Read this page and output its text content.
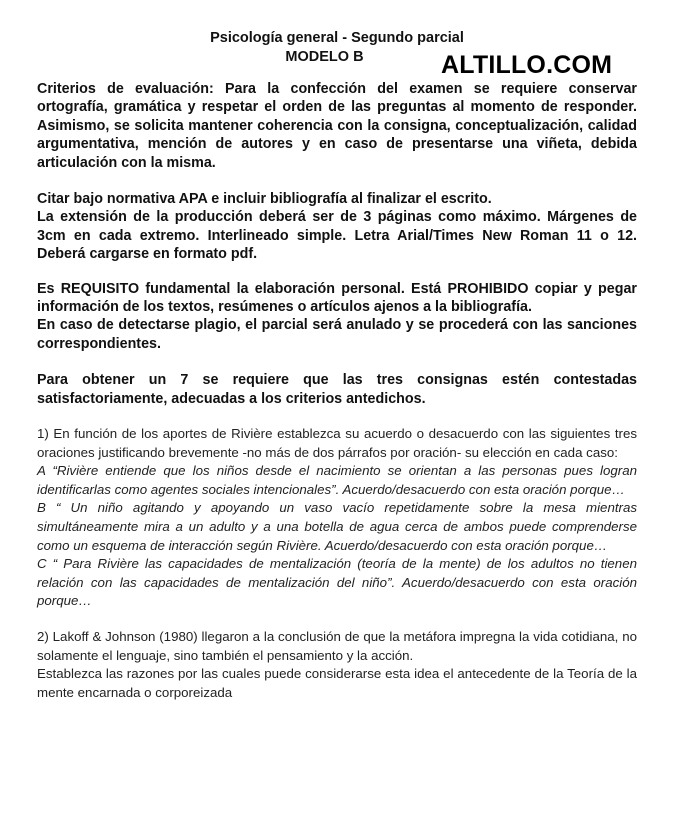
Psicología general - Segundo parcial
MODELO B	ALTILLO.COM

Criterios de evaluación: Para la confección del examen se requiere conservar ortografía, gramática y respetar el orden de las preguntas al momento de responder. Asimismo, se solicita mantener coherencia con la consigna, conceptualización, calidad argumentativa, mención de autores y en caso de presentarse una viñeta, debida articulación con la misma.

Citar bajo normativa APA e incluir bibliografía al finalizar el escrito.

La extensión de la producción deberá ser de 3 páginas como máximo. Márgenes de 3cm en cada extremo. Interlineado simple. Letra Arial/Times New Roman 11 o 12. Deberá cargarse en formato pdf.

Es REQUISITO fundamental la elaboración personal. Está PROHIBIDO copiar y pegar información de los textos, resúmenes o artículos ajenos a la bibliografía.

En caso de detectarse plagio, el parcial será anulado y se procederá con las sanciones correspondientes.

Para obtener un 7 se requiere que las tres consignas estén contestadas satisfactoriamente, adecuadas a los criterios antedichos.

1) En función de los aportes de Rivière establezca su acuerdo o desacuerdo con las siguientes tres oraciones justificando brevemente -no más de dos párrafos por oración- su elección en cada caso:

A “Rivière entiende que los niños desde el nacimiento se orientan a las personas pues logran identificarlas como agentes sociales intencionales”. Acuerdo/desacuerdo con esta oración porque…

B “ Un niño agitando y apoyando un vaso vacío repetidamente sobre la mesa mientras simultáneamente mira a un adulto y a una botella de agua cerca de ambos puede comprenderse como un esquema de interacción según Rivière. Acuerdo/desacuerdo con esta oración porque…

C “ Para Rivière las capacidades de mentalización (teoría de la mente) de los adultos no tienen relación con las capacidades de mentalización del niño”. Acuerdo/desacuerdo con esta oración porque…

2) Lakoff & Johnson (1980) llegaron a la conclusión de que la metáfora impregna la vida cotidiana, no solamente el lenguaje, sino también el pensamiento y la acción.

Establezca las razones por las cuales puede considerarse esta idea el antecedente de la Teoría de la mente encarnada o corporeizada
